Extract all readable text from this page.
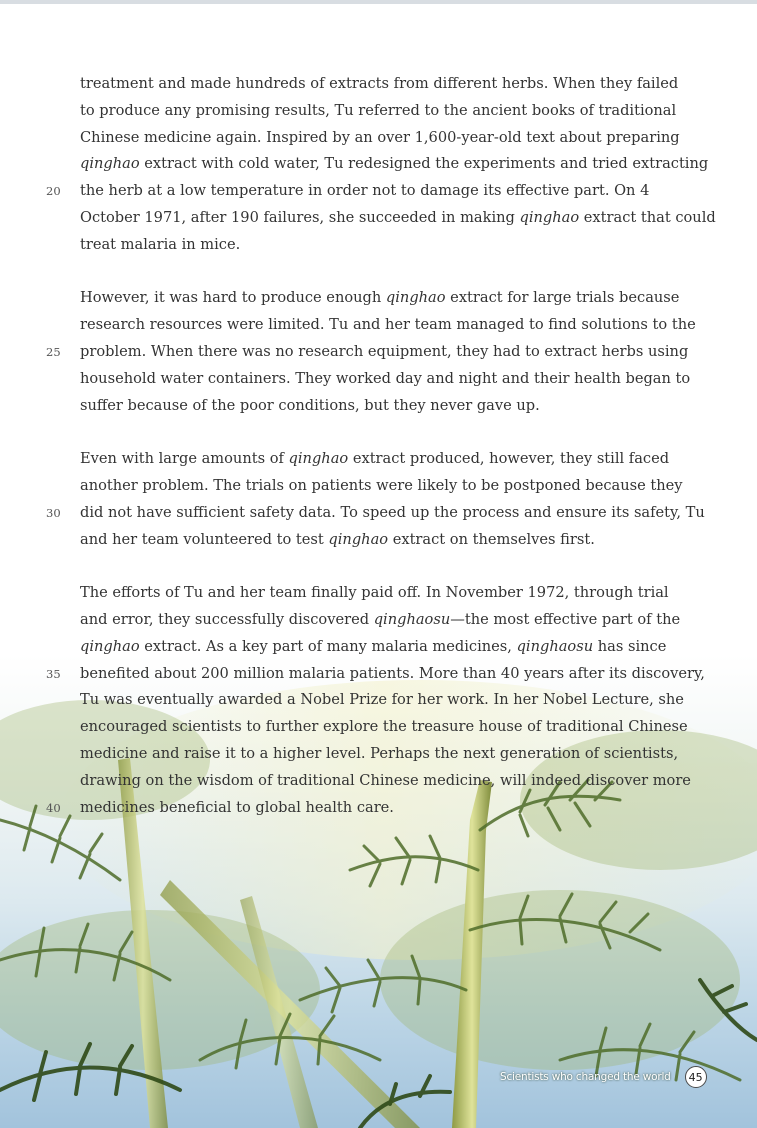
treatment and made hundreds of extracts from different herbs. When they failed
to produce any promising results, Tu referred to the ancient books of traditional
Chinese medicine again. Inspired by an over 1,600-year-old text about preparing
qinghao extract with cold water, Tu redesigned the experiments and tried extracting
20	the herb at a low temperature in order not to damage its effective part. On 4
October 1971, after 190 failures, she succeeded in making qinghao extract that could
treat malaria in mice.

However, it was hard to produce enough qinghao extract for large trials because
research resources were limited. Tu and her team managed to find solutions to the
25	problem. When there was no research equipment, they had to extract herbs using
household water containers. They worked day and night and their health began to
suffer because of the poor conditions, but they never gave up.

Even with large amounts of qinghao extract produced, however, they still faced
another problem. The trials on patients were likely to be postponed because they
30	did not have sufficient safety data. To speed up the process and ensure its safety, Tu
and her team volunteered to test qinghao extract on themselves first.

The efforts of Tu and her team finally paid off. In November 1972, through trial
and error, they successfully discovered qinghaosu—the most effective part of the
qinghao extract. As a key part of many malaria medicines, qinghaosu has since
35	benefited about 200 million malaria patients. More than 40 years after its discovery,
Tu was eventually awarded a Nobel Prize for her work. In her Nobel Lecture, she
encouraged scientists to further explore the treasure house of traditional Chinese
medicine and raise it to a higher level. Perhaps the next generation of scientists,
drawing on the wisdom of traditional Chinese medicine, will indeed discover more
40	medicines beneficial to global health care.

Scientists who changed the world	45
